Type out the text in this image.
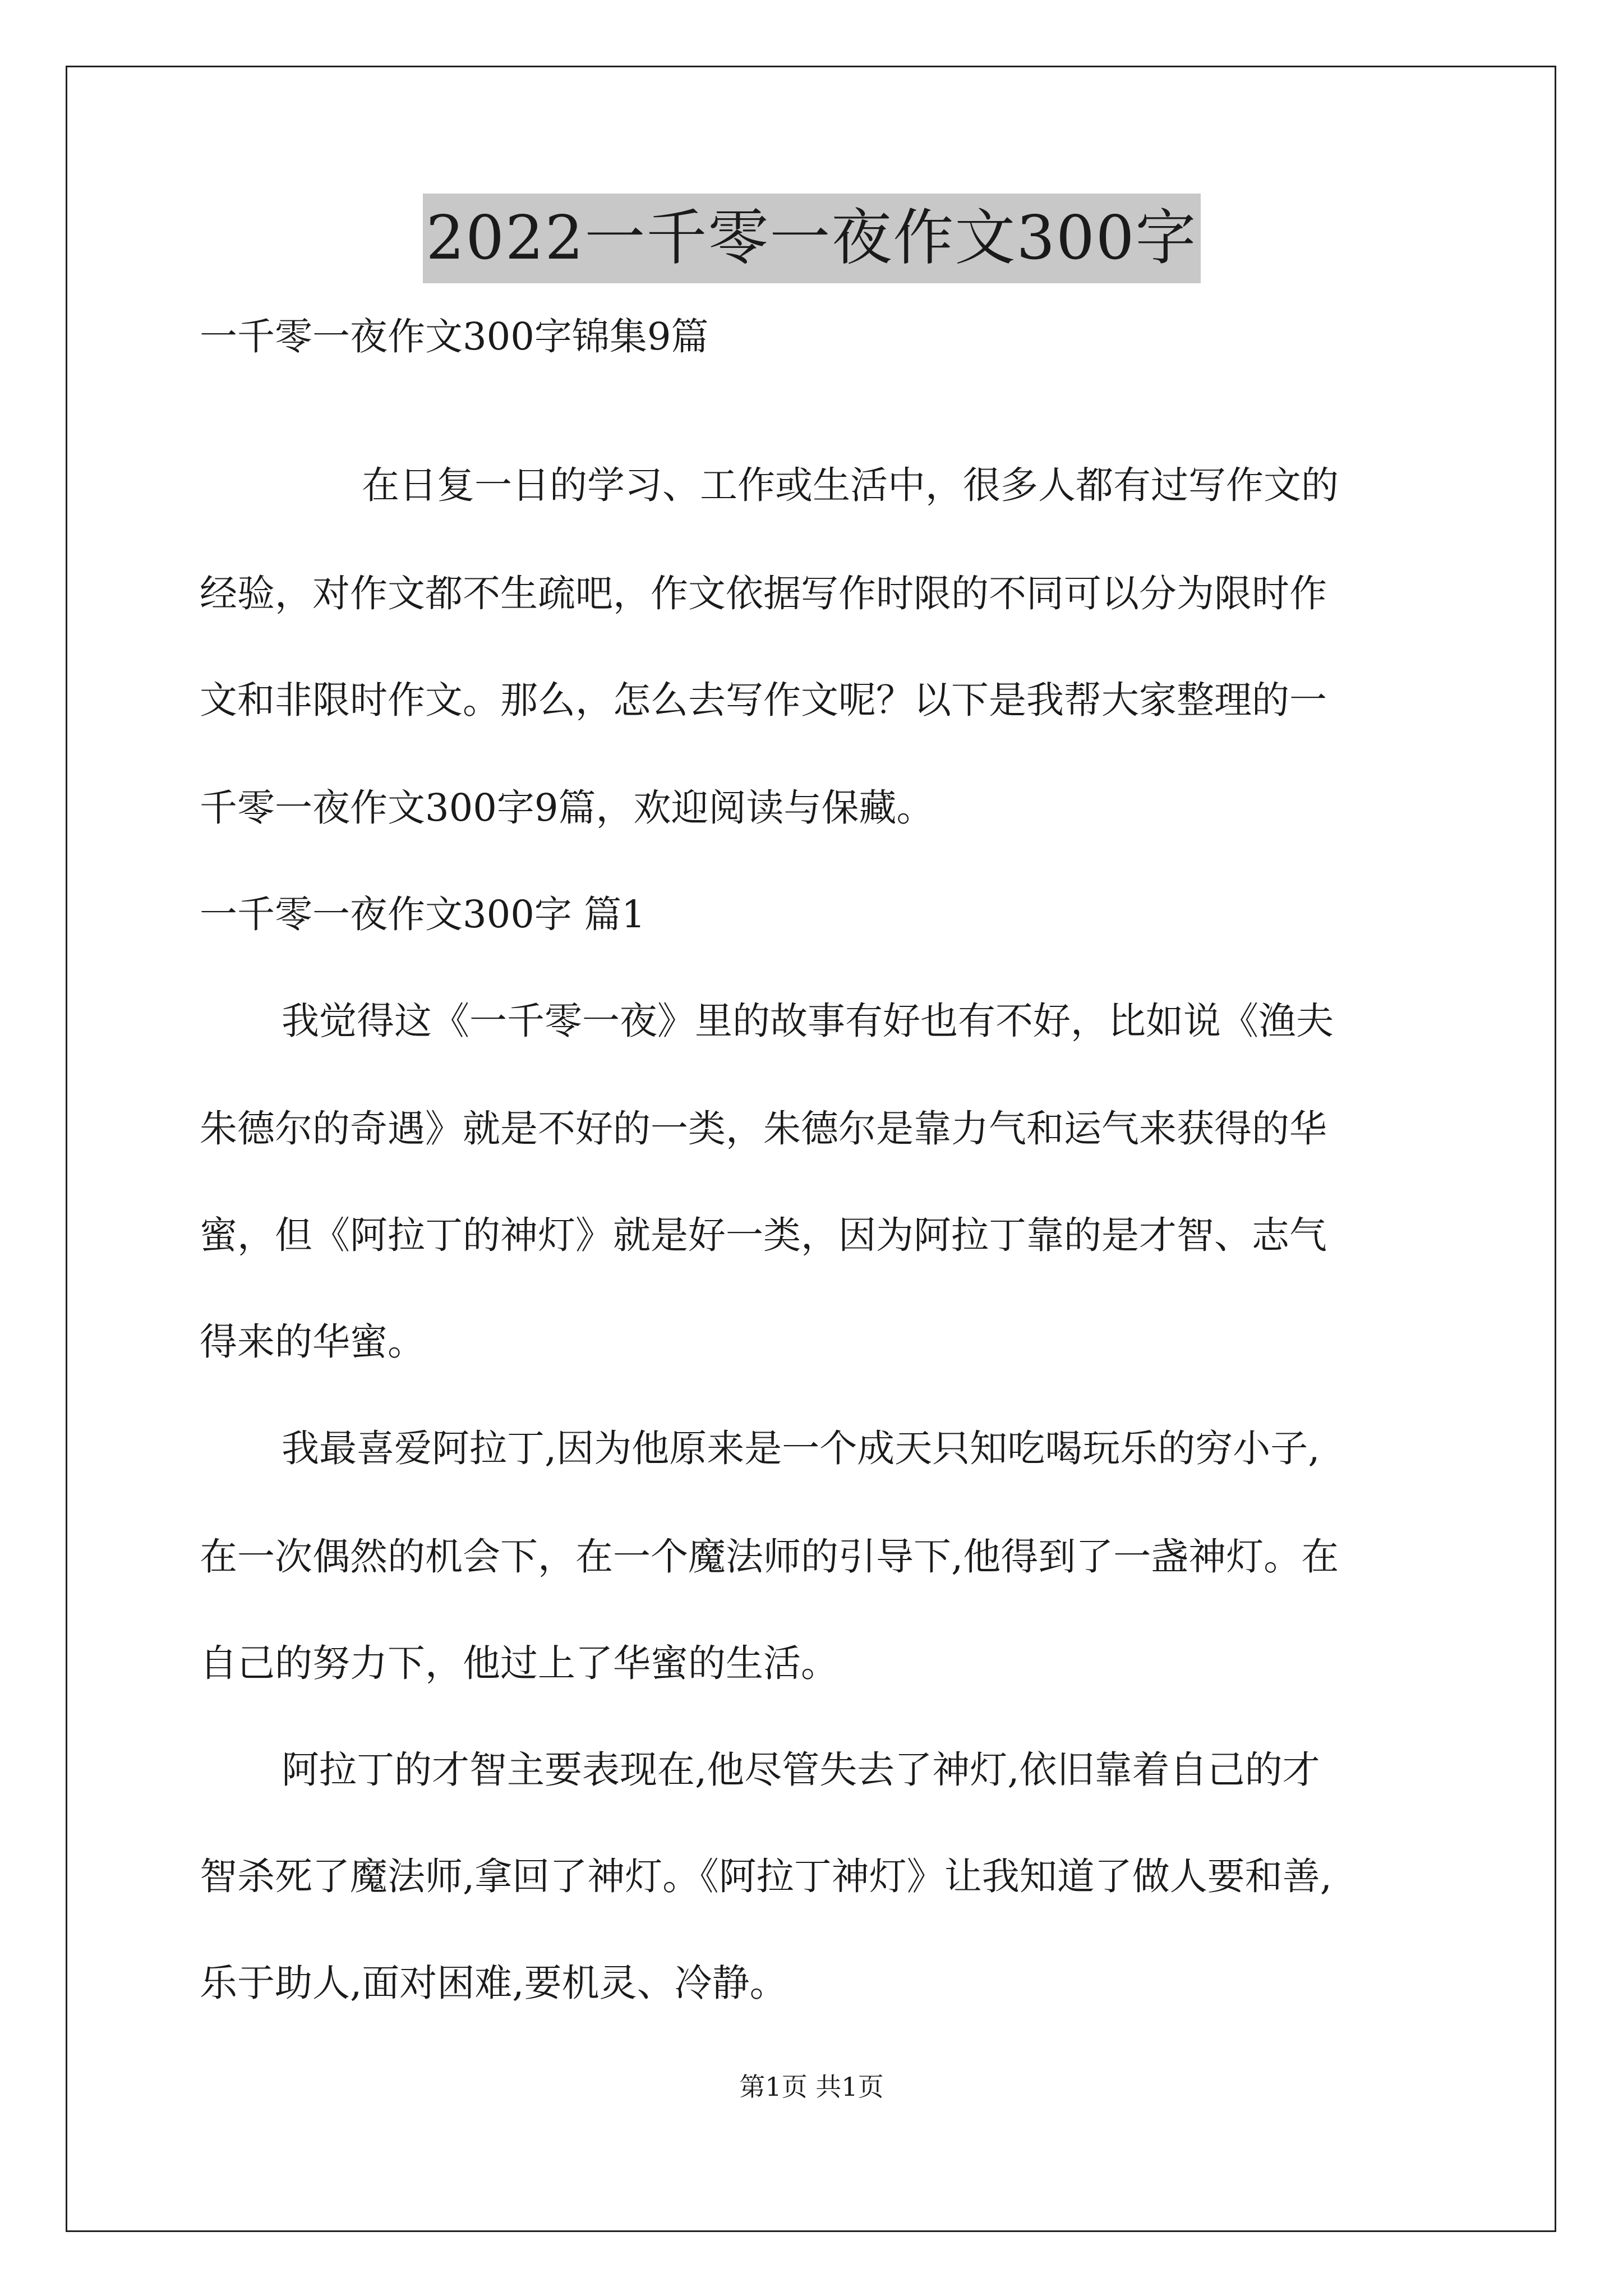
2022一千零一夜作文300字
一千零一夜作文300字锦集9篇
在日复一日的学习、工作或生活中，很多人都有过写作文的
经验，对作文都不生疏吧，作文依据写作时限的不同可以分为限时作
文和非限时作文。那么，怎么去写作文呢？以下是我帮大家整理的一
千零一夜作文300字9篇，欢迎阅读与保藏。
一千零一夜作文300字 篇1
我觉得这《一千零一夜》里的故事有好也有不好，比如说《渔夫
朱德尔的奇遇》就是不好的一类，朱德尔是靠力气和运气来获得的华
蜜，但《阿拉丁的神灯》就是好一类，因为阿拉丁靠的是才智、志气
得来的华蜜。
我最喜爱阿拉丁,因为他原来是一个成天只知吃喝玩乐的穷小子,
在一次偶然的机会下，在一个魔法师的引导下,他得到了一盏神灯。在
自己的努力下，他过上了华蜜的生活。
阿拉丁的才智主要表现在,他尽管失去了神灯,依旧靠着自己的才
智杀死了魔法师,拿回了神灯。《阿拉丁神灯》让我知道了做人要和善,
乐于助人,面对困难,要机灵、冷静。
第1页 共1页
